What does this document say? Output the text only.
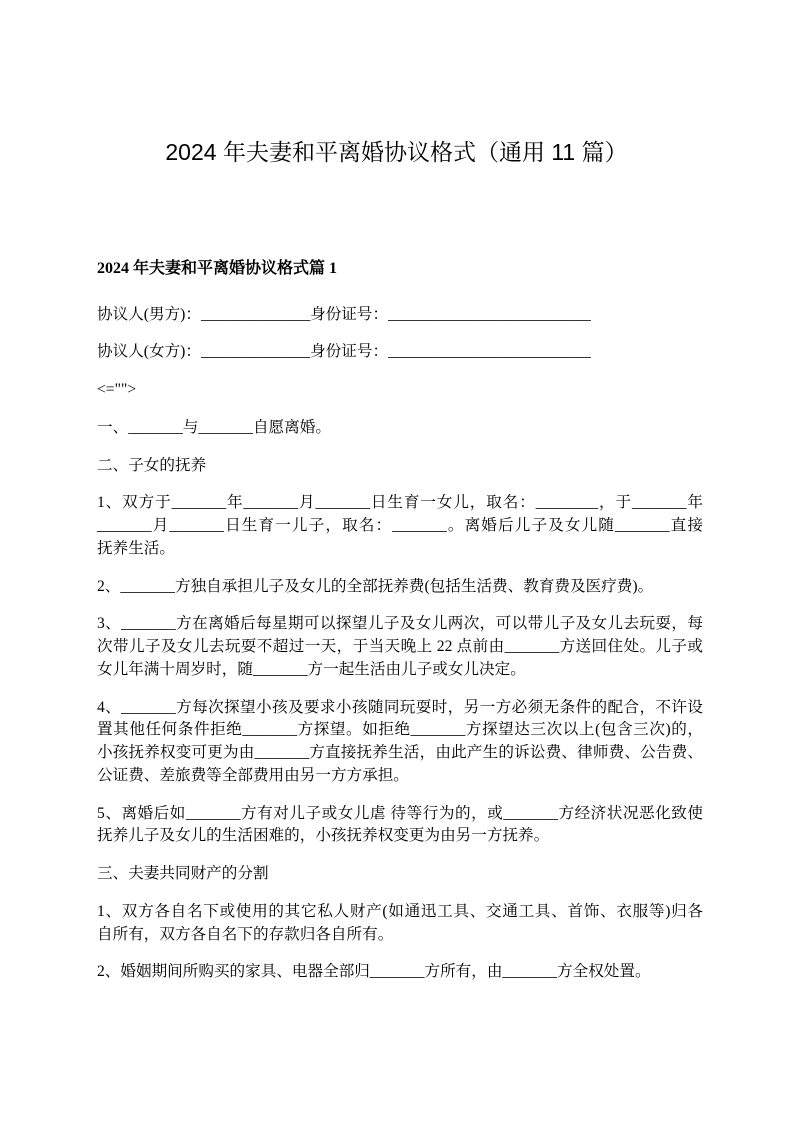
2024 年夫妻和平离婚协议格式（通用 11 篇）
2024 年夫妻和平离婚协议格式篇 1
协议人(男方)：______________身份证号：__________________________
协议人(女方)：______________身份证号：__________________________
<="">
一、_______与_______自愿离婚。
二、子女的抚养
1、双方于_______年_______月_______日生育一女儿，取名：________，于_______年
_______月_______日生育一儿子，取名：_______。离婚后儿子及女儿随_______直接
抚养生活。
2、_______方独自承担儿子及女儿的全部抚养费(包括生活费、教育费及医疗费)。
3、_______方在离婚后每星期可以探望儿子及女儿两次，可以带儿子及女儿去玩耍，每
次带儿子及女儿去玩耍不超过一天，于当天晚上 22 点前由_______方送回住处。儿子或
女儿年满十周岁时，随_______方一起生活由儿子或女儿决定。
4、_______方每次探望小孩及要求小孩随同玩耍时，另一方必须无条件的配合，不许设
置其他任何条件拒绝_______方探望。如拒绝_______方探望达三次以上(包含三次)的，
小孩抚养权变可更为由_______方直接抚养生活，由此产生的诉讼费、律师费、公告费、
公证费、差旅费等全部费用由另一方方承担。
5、离婚后如_______方有对儿子或女儿虐 待等行为的，或_______方经济状况恶化致使
抚养儿子及女儿的生活困难的，小孩抚养权变更为由另一方抚养。
三、夫妻共同财产的分割
1、双方各自名下或使用的其它私人财产(如通迅工具、交通工具、首饰、衣服等)归各
自所有，双方各自名下的存款归各自所有。
2、婚姻期间所购买的家具、电器全部归_______方所有，由_______方全权处置。
